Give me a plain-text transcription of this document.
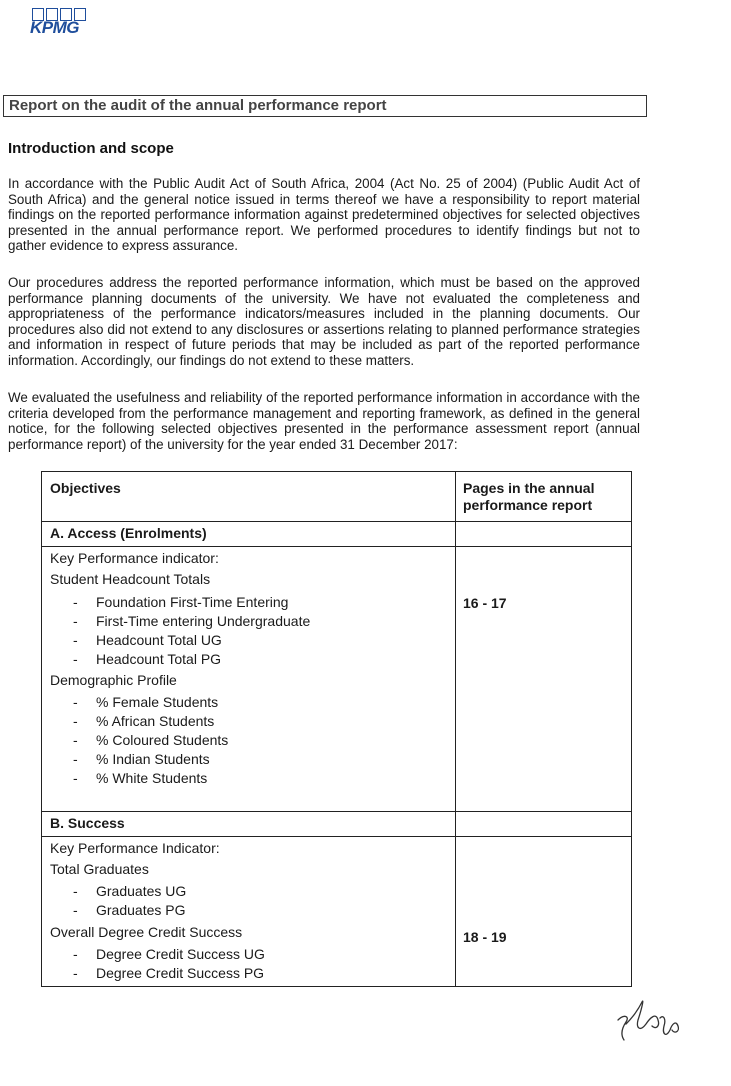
KPMG
Report on the audit of the annual performance report
Introduction and scope
In accordance with the Public Audit Act of South Africa, 2004 (Act No. 25 of 2004) (Public Audit Act of South Africa) and the general notice issued in terms thereof we have a responsibility to report material findings on the reported performance information against predetermined objectives for selected objectives presented in the annual performance report. We performed procedures to identify findings but not to gather evidence to express assurance.
Our procedures address the reported performance information, which must be based on the approved performance planning documents of the university. We have not evaluated the completeness and appropriateness of the performance indicators/measures included in the planning documents. Our procedures also did not extend to any disclosures or assertions relating to planned performance strategies and information in respect of future periods that may be included as part of the reported performance information. Accordingly, our findings do not extend to these matters.
We evaluated the usefulness and reliability of the reported performance information in accordance with the criteria developed from the performance management and reporting framework, as defined in the general notice, for the following selected objectives presented in the performance assessment report (annual performance report) of the university for the year ended 31 December 2017:
Objectives	Pages in the annual
performance report
A. Access (Enrolments)
Key Performance indicator:
Student Headcount Totals
- Foundation First-Time Entering
- First-Time entering Undergraduate
- Headcount Total UG
- Headcount Total PG
Demographic Profile
- % Female Students
- % African Students
- % Coloured Students
- % Indian Students
- % White Students
16 - 17
B. Success
Key Performance Indicator:
Total Graduates
- Graduates UG
- Graduates PG
Overall Degree Credit Success
- Degree Credit Success UG
- Degree Credit Success PG
18 - 19
